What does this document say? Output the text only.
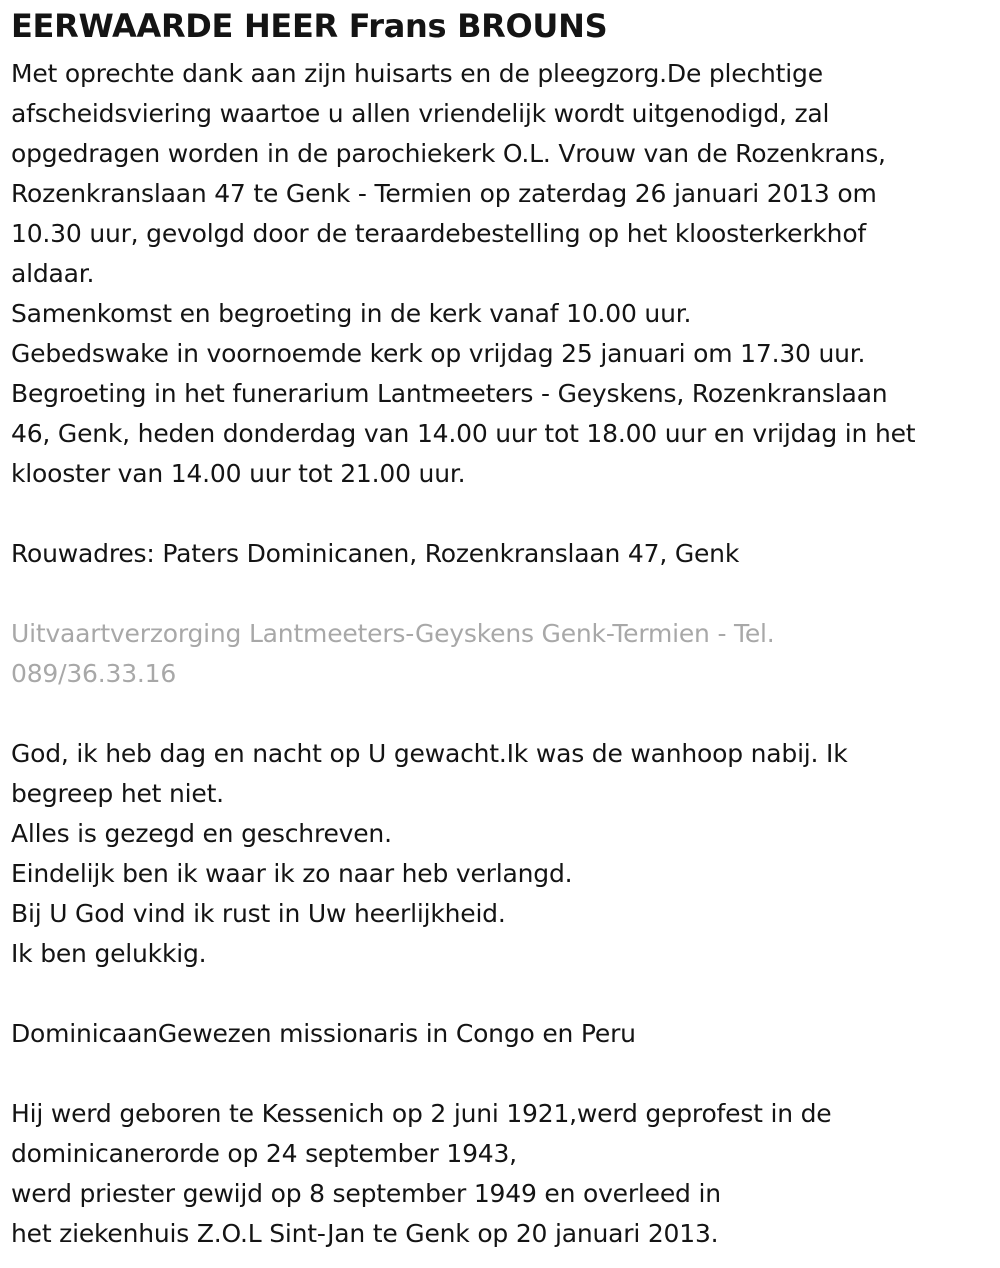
EERWAARDE HEER Frans BROUNS

Met oprechte dank aan zijn huisarts en de pleegzorg.De plechtige

afscheidsviering waartoe u allen vriendelijk wordt uitgenodigd, zal

opgedragen worden in de parochiekerk O.L. Vrouw van de Rozenkrans,

Rozenkranslaan 47 te Genk - Termien op zaterdag 26 januari 2013 om

10.30 uur, gevolgd door de teraardebestelling op het kloosterkerkhof

aldaar.

Samenkomst en begroeting in de kerk vanaf 10.00 uur.

Gebedswake in voornoemde kerk op vrijdag 25 januari om 17.30 uur.

Begroeting in het funerarium Lantmeeters - Geyskens, Rozenkranslaan

46, Genk, heden donderdag van 14.00 uur tot 18.00 uur en vrijdag in het

klooster van 14.00 uur tot 21.00 uur.

Rouwadres: Paters Dominicanen, Rozenkranslaan 47, Genk

Uitvaartverzorging Lantmeeters-Geyskens Genk-Termien - Tel.

089/36.33.16

God, ik heb dag en nacht op U gewacht.Ik was de wanhoop nabij. Ik

begreep het niet.

Alles is gezegd en geschreven.

Eindelijk ben ik waar ik zo naar heb verlangd.

Bij U God vind ik rust in Uw heerlijkheid.

Ik ben gelukkig.

DominicaanGewezen missionaris in Congo en Peru

Hij werd geboren te Kessenich op 2 juni 1921,werd geprofest in de

dominicanerorde op 24 september 1943,

werd priester gewijd op 8 september 1949 en overleed in

het ziekenhuis Z.O.L Sint-Jan te Genk op 20 januari 2013.
